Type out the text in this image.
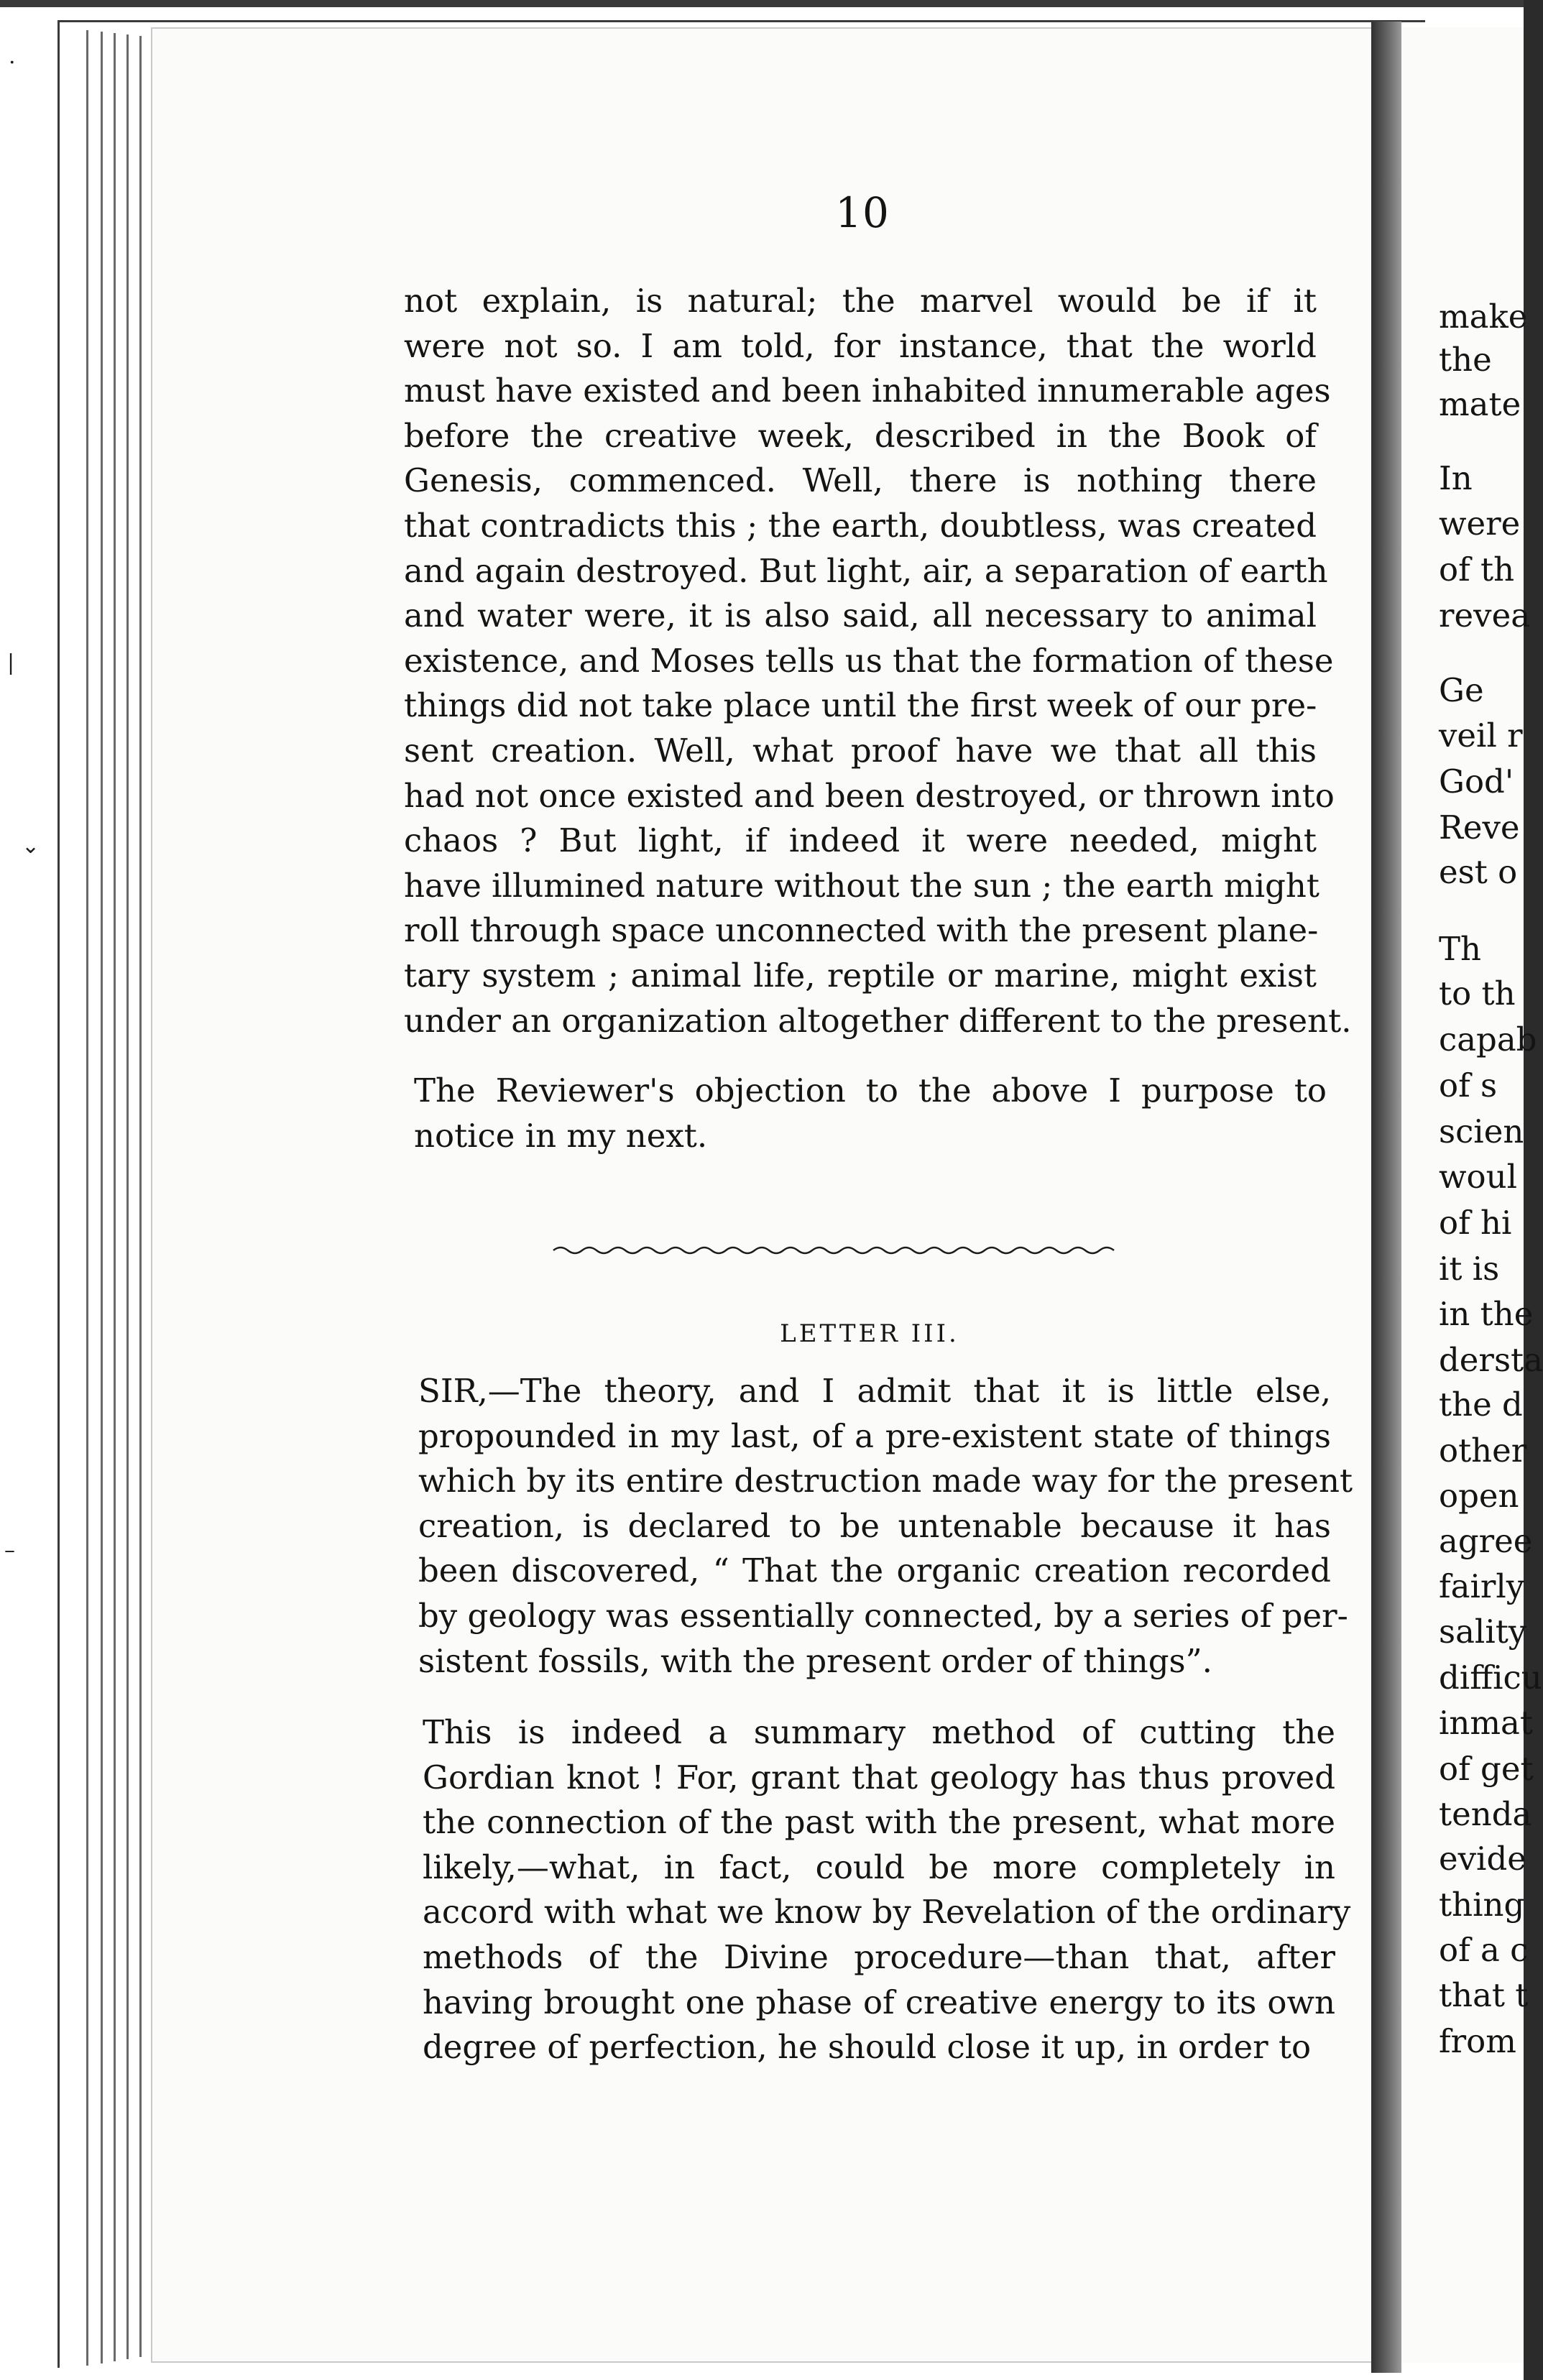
make
the
mate
In
were
of th
revea
Ge
veil r
God'
Reve
est o
Th
to th
capab
of s
scien
woul
of hi
it is
in the
dersta
the d
other
open
agree
fairly
sality
difficu
inmat
of get
tenda
evide
thing
of a c
that t
from
10
not explain, is natural; the marvel would be if it
were not so. I am told, for instance, that the world
must have existed and been inhabited innumerable ages
before the creative week, described in the Book of
Genesis, commenced. Well, there is nothing there
that contradicts this ; the earth, doubtless, was created
and again destroyed. But light, air, a separation of earth
and water were, it is also said, all necessary to animal
existence, and Moses tells us that the formation of these
things did not take place until the first week of our pre-
sent creation. Well, what proof have we that all this
had not once existed and been destroyed, or thrown into
chaos ? But light, if indeed it were needed, might
have illumined nature without the sun ; the earth might
roll through space unconnected with the present plane-
tary system ; animal life, reptile or marine, might exist
under an organization altogether different to the present.
The Reviewer's objection to the above I purpose to
notice in my next.
LETTER III.
SIR,—The theory, and I admit that it is little else,
propounded in my last, of a pre-existent state of things
which by its entire destruction made way for the present
creation, is declared to be untenable because it has
been discovered, “ That the organic creation recorded
by geology was essentially connected, by a series of per-
sistent fossils, with the present order of things”.
This is indeed a summary method of cutting the
Gordian knot ! For, grant that geology has thus proved
the connection of the past with the present, what more
likely,—what, in fact, could be more completely in
accord with what we know by Revelation of the ordinary
methods of the Divine procedure—than that, after
having brought one phase of creative energy to its own
degree of perfection, he should close it up, in order to
·
|
⌄
–
